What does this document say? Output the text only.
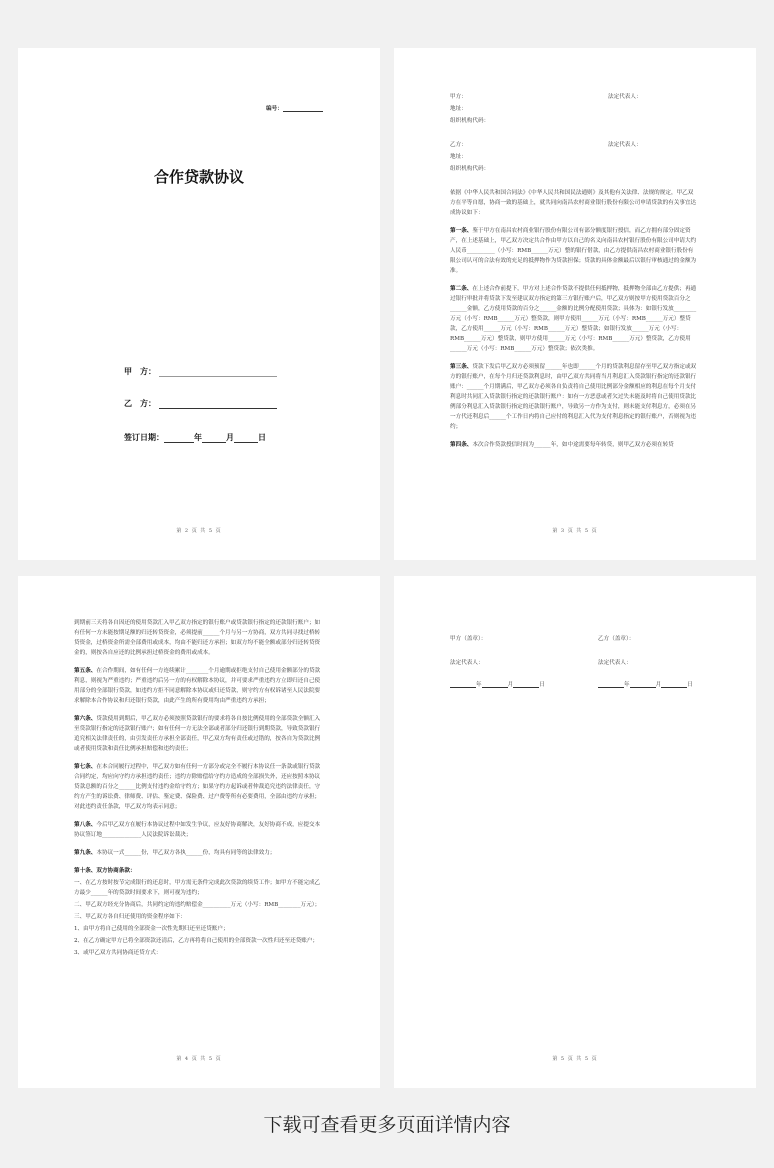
编号：
合作贷款协议
甲　方：
乙　方：
签订日期：	年	月	日
第 2 页 共 5 页
甲方：	法定代表人：
地址：
组织机构代码：
乙方：	法定代表人：
地址：
组织机构代码：

依据《中华人民共和国合同法》《中华人民共和国民法通则》及其他有关法律、法规的规定，甲乙双方在平等自愿，协商一致的基础上，就共同向南昌农村商业银行股份有限公司申请贷款的有关事宜达成协议如下：

第一条、鉴于甲方在南昌农村商业银行股份有限公司有部分额度银行授信，而乙方拥有部分固定资产，在上述基础上，甲乙双方决定共合作由甲方以自己的名义向南昌农村银行股份有限公司申请大约人民币__________（小写：RMB______万元）整的银行借款，由乙方提供南昌农村商业银行股份有限公司认可的合法有效的充足的抵押物作为贷款担保；贷款的具体金额最后以银行审核通过的金额为准。

第二条、在上述合作前提下，甲方对上述合作贷款不提供任何抵押物，抵押物全部由乙方提供；再通过银行审批并将贷款下发至建议双方指定的第三方银行账户后，甲乙双方则按甲方使用贷款百分之______金额，乙方使用贷款的百分之______金额的比例分配使用贷款；具体为：如银行发放________万元（小写：RMB______万元）整贷款，则甲方使用______万元（小写：RMB______万元）整贷款，乙方使用______万元（小写：RMB______万元）整贷款；如银行发放______万元（小写：RMB______万元）整贷款，则甲方使用______万元（小写：RMB______万元）整贷款，乙方使用______万元（小写：RMB______万元）整贷款；依次类推。

第三条、贷款下发后甲乙双方必须预留______年也即______个月的贷款利息留存至甲乙双方指定或双方的银行账户，在每个月归还贷款利息时，由甲乙双方共同将当月利息汇入贷款银行指定的还款银行账户：______个月期满后，甲乙双方必须各自负责将自己使用比例部分金额相应的利息在每个月支付利息时共同汇入贷款银行指定的还款银行账户：如有一方恶意或者欠过失未能及时将自己使用贷款比例部分利息汇入贷款银行指定的还款银行账户，导致另一方作为支付，则未能支付利息方，必须在另一方代还利息后______个工作日内将自己应付的利息汇入代为支付利息指定的银行账户，否则视为违约；

第四条、本次合作贷款授信时间为______年，如中途需要每年转贷，则甲乙双方必须在转贷

第 3 页 共 5 页

到期前三天将各自因还的使用贷款汇入甲乙双方指定的银行账户或贷款银行指定的还款银行账户；如有任何一方未能按期足额的归还转贷资金，必须提前______个月与另一方协商，双方共同寻找过桥转贷资金，过桥资金所需全部费用或成本，均由不能归还方承担；如双方均不能全额或部分归还转贷资金的，则按各自应还的比例承担过桥资金的费用或成本。

第五条、在合作期间，如有任何一方连续累计________个月逾期或拒绝支付自己使用金额部分的贷款利息，则视为严重违约；严重违约后另一方的有权解除本协议，并可要求严重违约方立即归还自己使用部分的全部银行贷款，如违约方拒不同意解除本协议或归还贷款，则守约方有权诉诸至人民法院要求解除本合作协议和归还银行贷款，由此产生的所有费用均由严重违约方承担；

第六条、贷款使用到期后，甲乙双方必须按照贷款银行的要求将各自按比例使用的全部贷款全额汇入至贷款银行指定的还款银行账户；如有任何一方无法全部或者部分归还银行到期贷款，导致贷款银行追究相关法律责任的，由引发责任方承担全部责任，甲乙双方均有责任或过错的，按各自为贷款比例或者使用贷款和责任比例承担赔偿和违约责任；

第七条、在本合同履行过程中，甲乙双方如有任何一方部分或完全不履行本协议任一条款或银行贷款合同约定，均应向守约方承担违约责任；违约方除赔偿给守约方造成的全部损失外，还应按照本协议贷款总额的百分之______比例支付违约金给守约方；如果守约方起诉或者仲裁追究违约法律责任，守约方产生的诉讼费、律师费、评估、鉴定费、保险费、过户费等所有必要费用，全部由违约方承担；对此违约责任条款，甲乙双方均表示同意；

第八条、今后甲乙双方在履行本协议过程中如发生争议，应友好协商解决，友好协商不成，应提交本协议签订地______________人民法院诉讼裁决；

第九条、本协议一式______份，甲乙双方各执______份，均具有同等的法律效力；

第十条、双方协商条款：

一、在乙方按时按节完成银行的还息时，甲方需无条件完成此次贷款的续贷工作；如甲方不能完成乙方最少______年的贷款时间要求下，则可视为违约；

二、甲乙双方经充分协商后，共同约定的违约赔偿金__________万元（小写：RMB________万元）；

三、甲乙双方各自归还使用的资金程序如下：

1、由甲方将自己使用的全部资金一次性先期归还至还贷账户；

2、在乙方确定甲方已将全部资款还清后，乙方再将将自己使用的全部资款一次性归还至还贷账户；

3、或甲乙双方共同协商还贷方式：

第 4 页 共 5 页
甲方（盖章）：	乙方（盖章）：
法定代表人：	法定代表人：
年	月	日	年	月	日
第 5 页 共 5 页
下载可查看更多页面详情内容
